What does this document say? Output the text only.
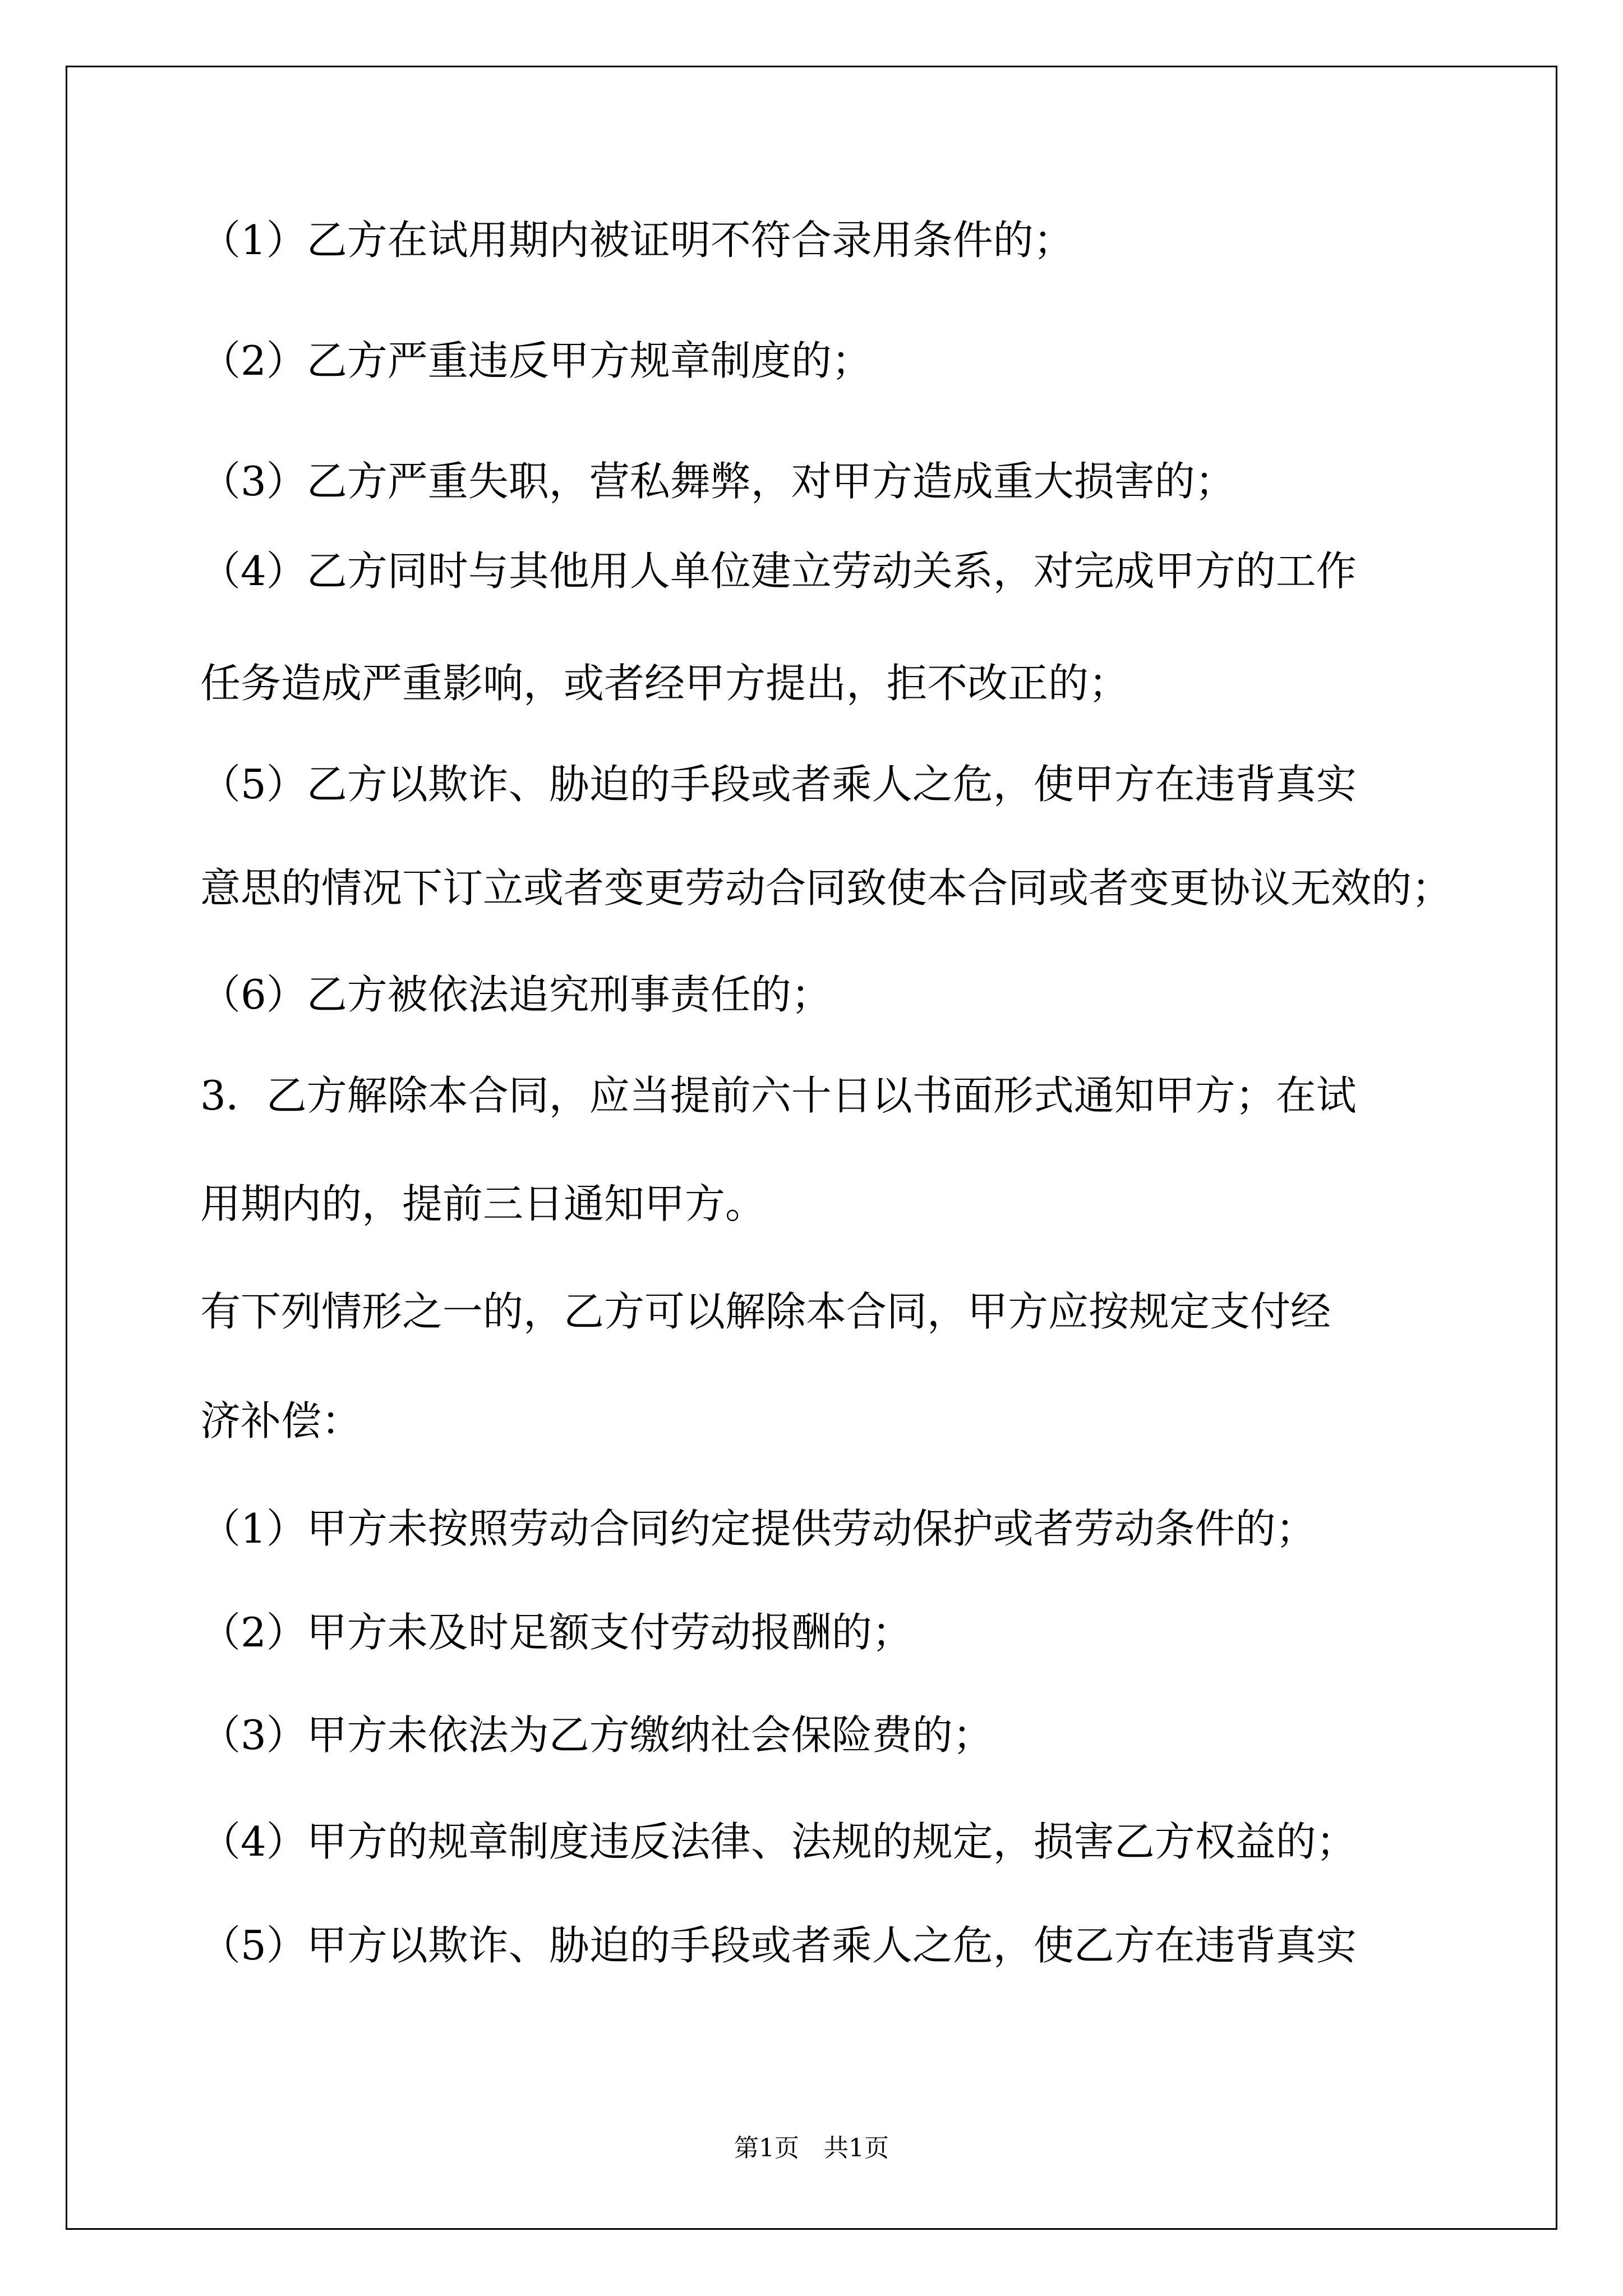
（1）乙方在试用期内被证明不符合录用条件的；
（2）乙方严重违反甲方规章制度的；
（3）乙方严重失职，营私舞弊，对甲方造成重大损害的；
（4）乙方同时与其他用人单位建立劳动关系，对完成甲方的工作
任务造成严重影响，或者经甲方提出，拒不改正的；
（5）乙方以欺诈、胁迫的手段或者乘人之危，使甲方在违背真实
意思的情况下订立或者变更劳动合同致使本合同或者变更协议无效的；
（6）乙方被依法追究刑事责任的；
3．乙方解除本合同，应当提前六十日以书面形式通知甲方；在试
用期内的，提前三日通知甲方。
有下列情形之一的，乙方可以解除本合同，甲方应按规定支付经
济补偿：
（1）甲方未按照劳动合同约定提供劳动保护或者劳动条件的；
（2）甲方未及时足额支付劳动报酬的；
（3）甲方未依法为乙方缴纳社会保险费的；
（4）甲方的规章制度违反法律、法规的规定，损害乙方权益的；
（5）甲方以欺诈、胁迫的手段或者乘人之危，使乙方在违背真实
第1页　共1页
